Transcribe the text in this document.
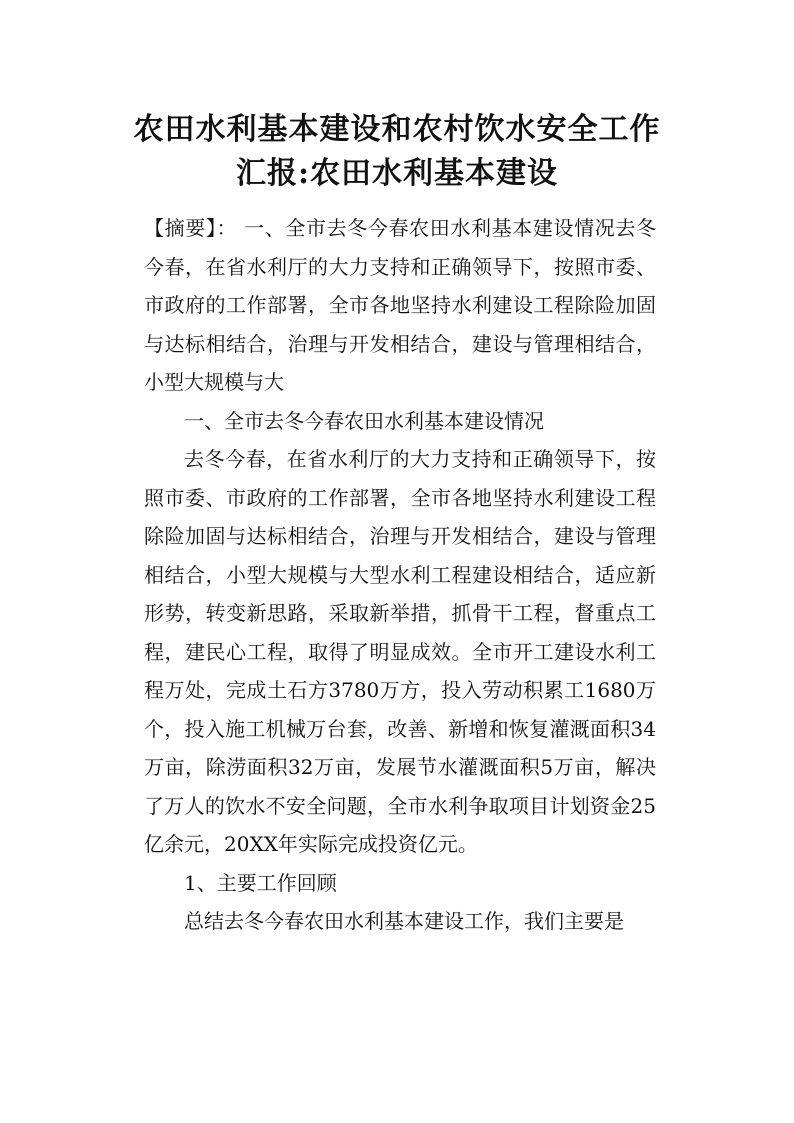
农田水利基本建设和农村饮水安全工作
汇报:农田水利基本建设

【摘要】： 一、全市去冬今春农田水利基本建设情况去冬今春，在省水利厅的大力支持和正确领导下，按照市委、市政府的工作部署，全市各地坚持水利建设工程除险加固与达标相结合，治理与开发相结合，建设与管理相结合，小型大规模与大

一、全市去冬今春农田水利基本建设情况

去冬今春，在省水利厅的大力支持和正确领导下，按照市委、市政府的工作部署，全市各地坚持水利建设工程除险加固与达标相结合，治理与开发相结合，建设与管理相结合，小型大规模与大型水利工程建设相结合，适应新形势，转变新思路，采取新举措，抓骨干工程，督重点工程，建民心工程，取得了明显成效。全市开工建设水利工程万处，完成土石方3780万方，投入劳动积累工1680万个，投入施工机械万台套，改善、新增和恢复灌溉面积34万亩，除涝面积32万亩，发展节水灌溉面积5万亩，解决了万人的饮水不安全问题，全市水利争取项目计划资金25亿余元，20XX年实际完成投资亿元。

1、主要工作回顾

总结去冬今春农田水利基本建设工作，我们主要是
